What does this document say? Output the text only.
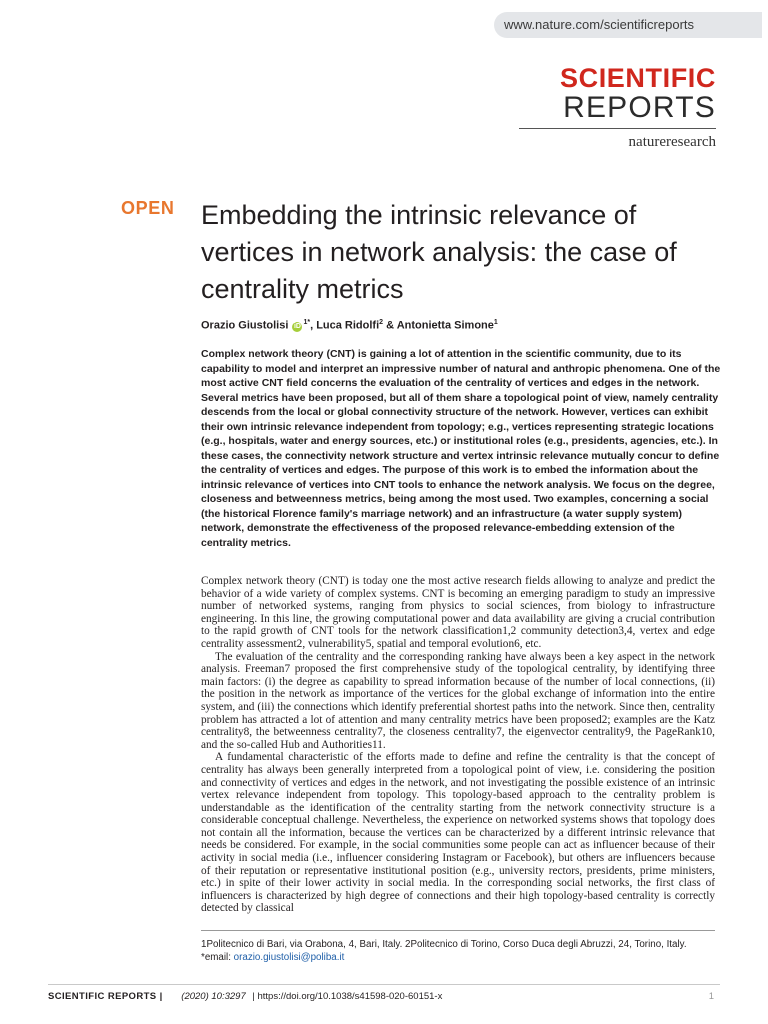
www.nature.com/scientificreports
SCIENTIFIC
REPORTS
natureresearch
OPEN Embedding the intrinsic relevance of vertices in network analysis: the case of centrality metrics
Orazio Giustolisi $iD^{1*}$, Luca Ridolfi$^2$ & Antonietta Simone$^1$

Complex network theory (CNT) is gaining a lot of attention in the scientific community, due to its capability to model and interpret an impressive number of natural and anthropic phenomena. One of the most active CNT field concerns the evaluation of the centrality of vertices and edges in the network. Several metrics have been proposed, but all of them share a topological point of view, namely centrality descends from the local or global connectivity structure of the network. However, vertices can exhibit their own intrinsic relevance independent from topology; e.g., vertices representing strategic locations (e.g., hospitals, water and energy sources, etc.) or institutional roles (e.g., presidents, agencies, etc.). In these cases, the connectivity network structure and vertex intrinsic relevance mutually concur to define the centrality of vertices and edges. The purpose of this work is to embed the information about the intrinsic relevance of vertices into CNT tools to enhance the network analysis. We focus on the degree, closeness and betweenness metrics, being among the most used. Two examples, concerning a social (the historical Florence family's marriage network) and an infrastructure (a water supply system) network, demonstrate the effectiveness of the proposed relevance-embedding extension of the centrality metrics.

Complex network theory (CNT) is today one the most active research fields allowing to analyze and predict the behavior of a wide variety of complex systems. CNT is becoming an emerging paradigm to study an impressive number of networked systems, ranging from physics to social sciences, from biology to infrastructure engineering. In this line, the growing computational power and data availability are giving a crucial contribution to the rapid growth of CNT tools for the network classification1,2 community detection3,4, vertex and edge centrality assessment2, vulnerability5, spatial and temporal evolution6, etc.

The evaluation of the centrality and the corresponding ranking have always been a key aspect in the network analysis. Freeman7 proposed the first comprehensive study of the topological centrality, by identifying three main factors: (i) the degree as capability to spread information because of the number of local connections, (ii) the position in the network as importance of the vertices for the global exchange of information into the entire system, and (iii) the connections which identify preferential shortest paths into the network. Since then, centrality problem has attracted a lot of attention and many centrality metrics have been proposed2; examples are the Katz centrality8, the betweenness centrality7, the closeness centrality7, the eigenvector centrality9, the PageRank10, and the so-called Hub and Authorities11.

A fundamental characteristic of the efforts made to define and refine the centrality is that the concept of centrality has always been generally interpreted from a topological point of view, i.e. considering the position and connectivity of vertices and edges in the network, and not investigating the possible existence of an intrinsic vertex relevance independent from topology. This topology-based approach to the centrality problem is understandable as the identification of the centrality starting from the network connectivity structure is a considerable conceptual challenge. Nevertheless, the experience on networked systems shows that topology does not contain all the information, because the vertices can be characterized by a different intrinsic relevance that needs be considered. For example, in the social communities some people can act as influencer because of their activity in social media (i.e., influencer considering Instagram or Facebook), but others are influencers because of their reputation or representative institutional position (e.g., university rectors, presidents, prime ministers, etc.) in spite of their lower activity in social media. In the corresponding social networks, the first class of influencers is characterized by high degree of connections and their high topology-based centrality is correctly detected by classical

1Politecnico di Bari, via Orabona, 4, Bari, Italy. 2Politecnico di Torino, Corso Duca degli Abruzzi, 24, Torino, Italy.
*email: orazio.giustolisi@poliba.it
SCIENTIFIC REPORTS | (2020) 10:3297 | https://doi.org/10.1038/s41598-020-60151-x	1
